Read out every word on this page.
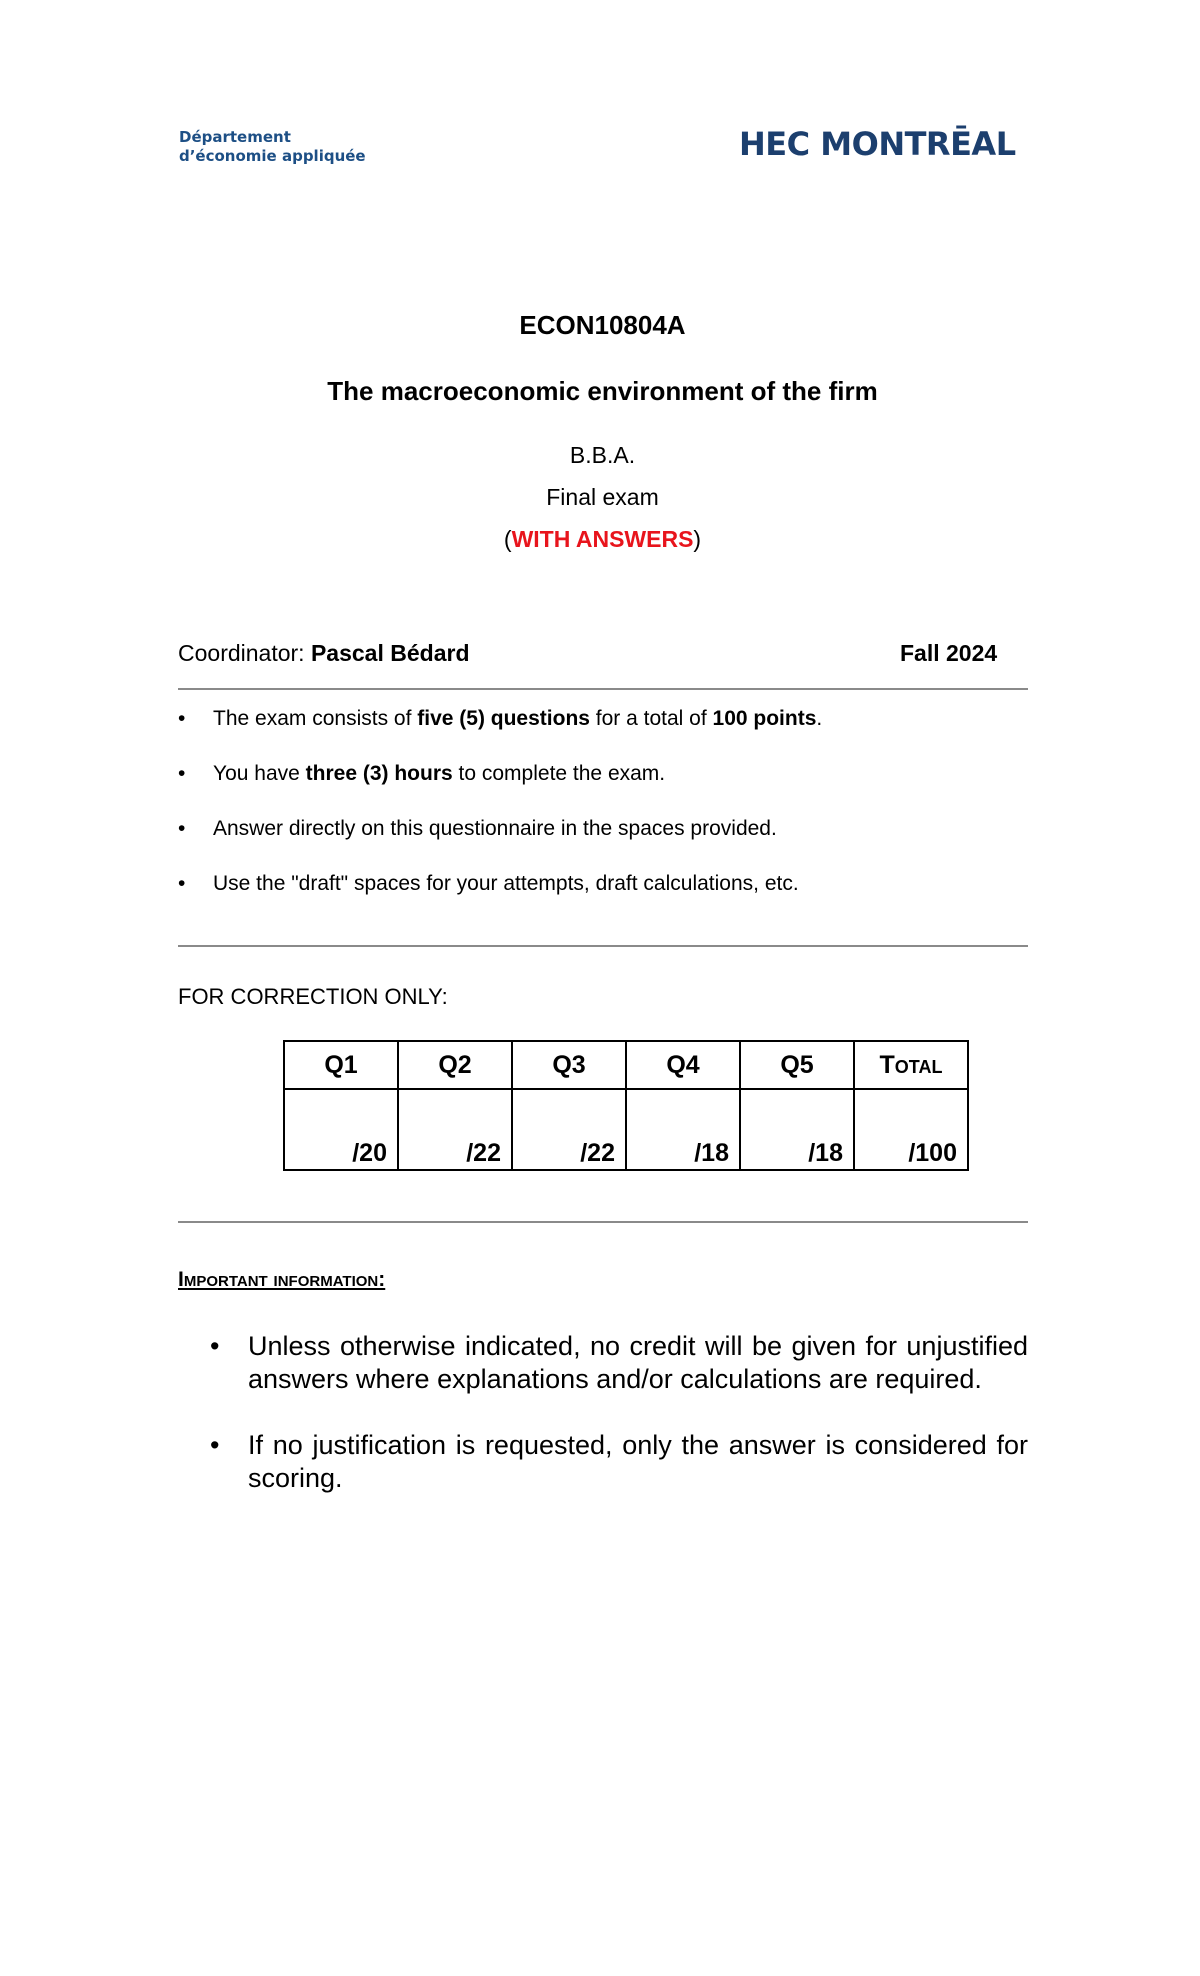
Département
d’économie appliquée	HEC MONTRĒAL
ECON10804A
The macroeconomic environment of the firm
B.B.A.
Final exam
(WITH ANSWERS)
Coordinator: Pascal Bédard	Fall 2024
• The exam consists of five (5) questions for a total of 100 points.
• You have three (3) hours to complete the exam.
• Answer directly on this questionnaire in the spaces provided.
• Use the "draft" spaces for your attempts, draft calculations, etc.
FOR CORRECTION ONLY:
Q1	Q2	Q3	Q4	Q5	Total
/20	/22	/22	/18	/18	/100
Important information:
• Unless otherwise indicated, no credit will be given for unjustified answers where explanations and/or calculations are required.
• If no justification is requested, only the answer is considered for scoring.
